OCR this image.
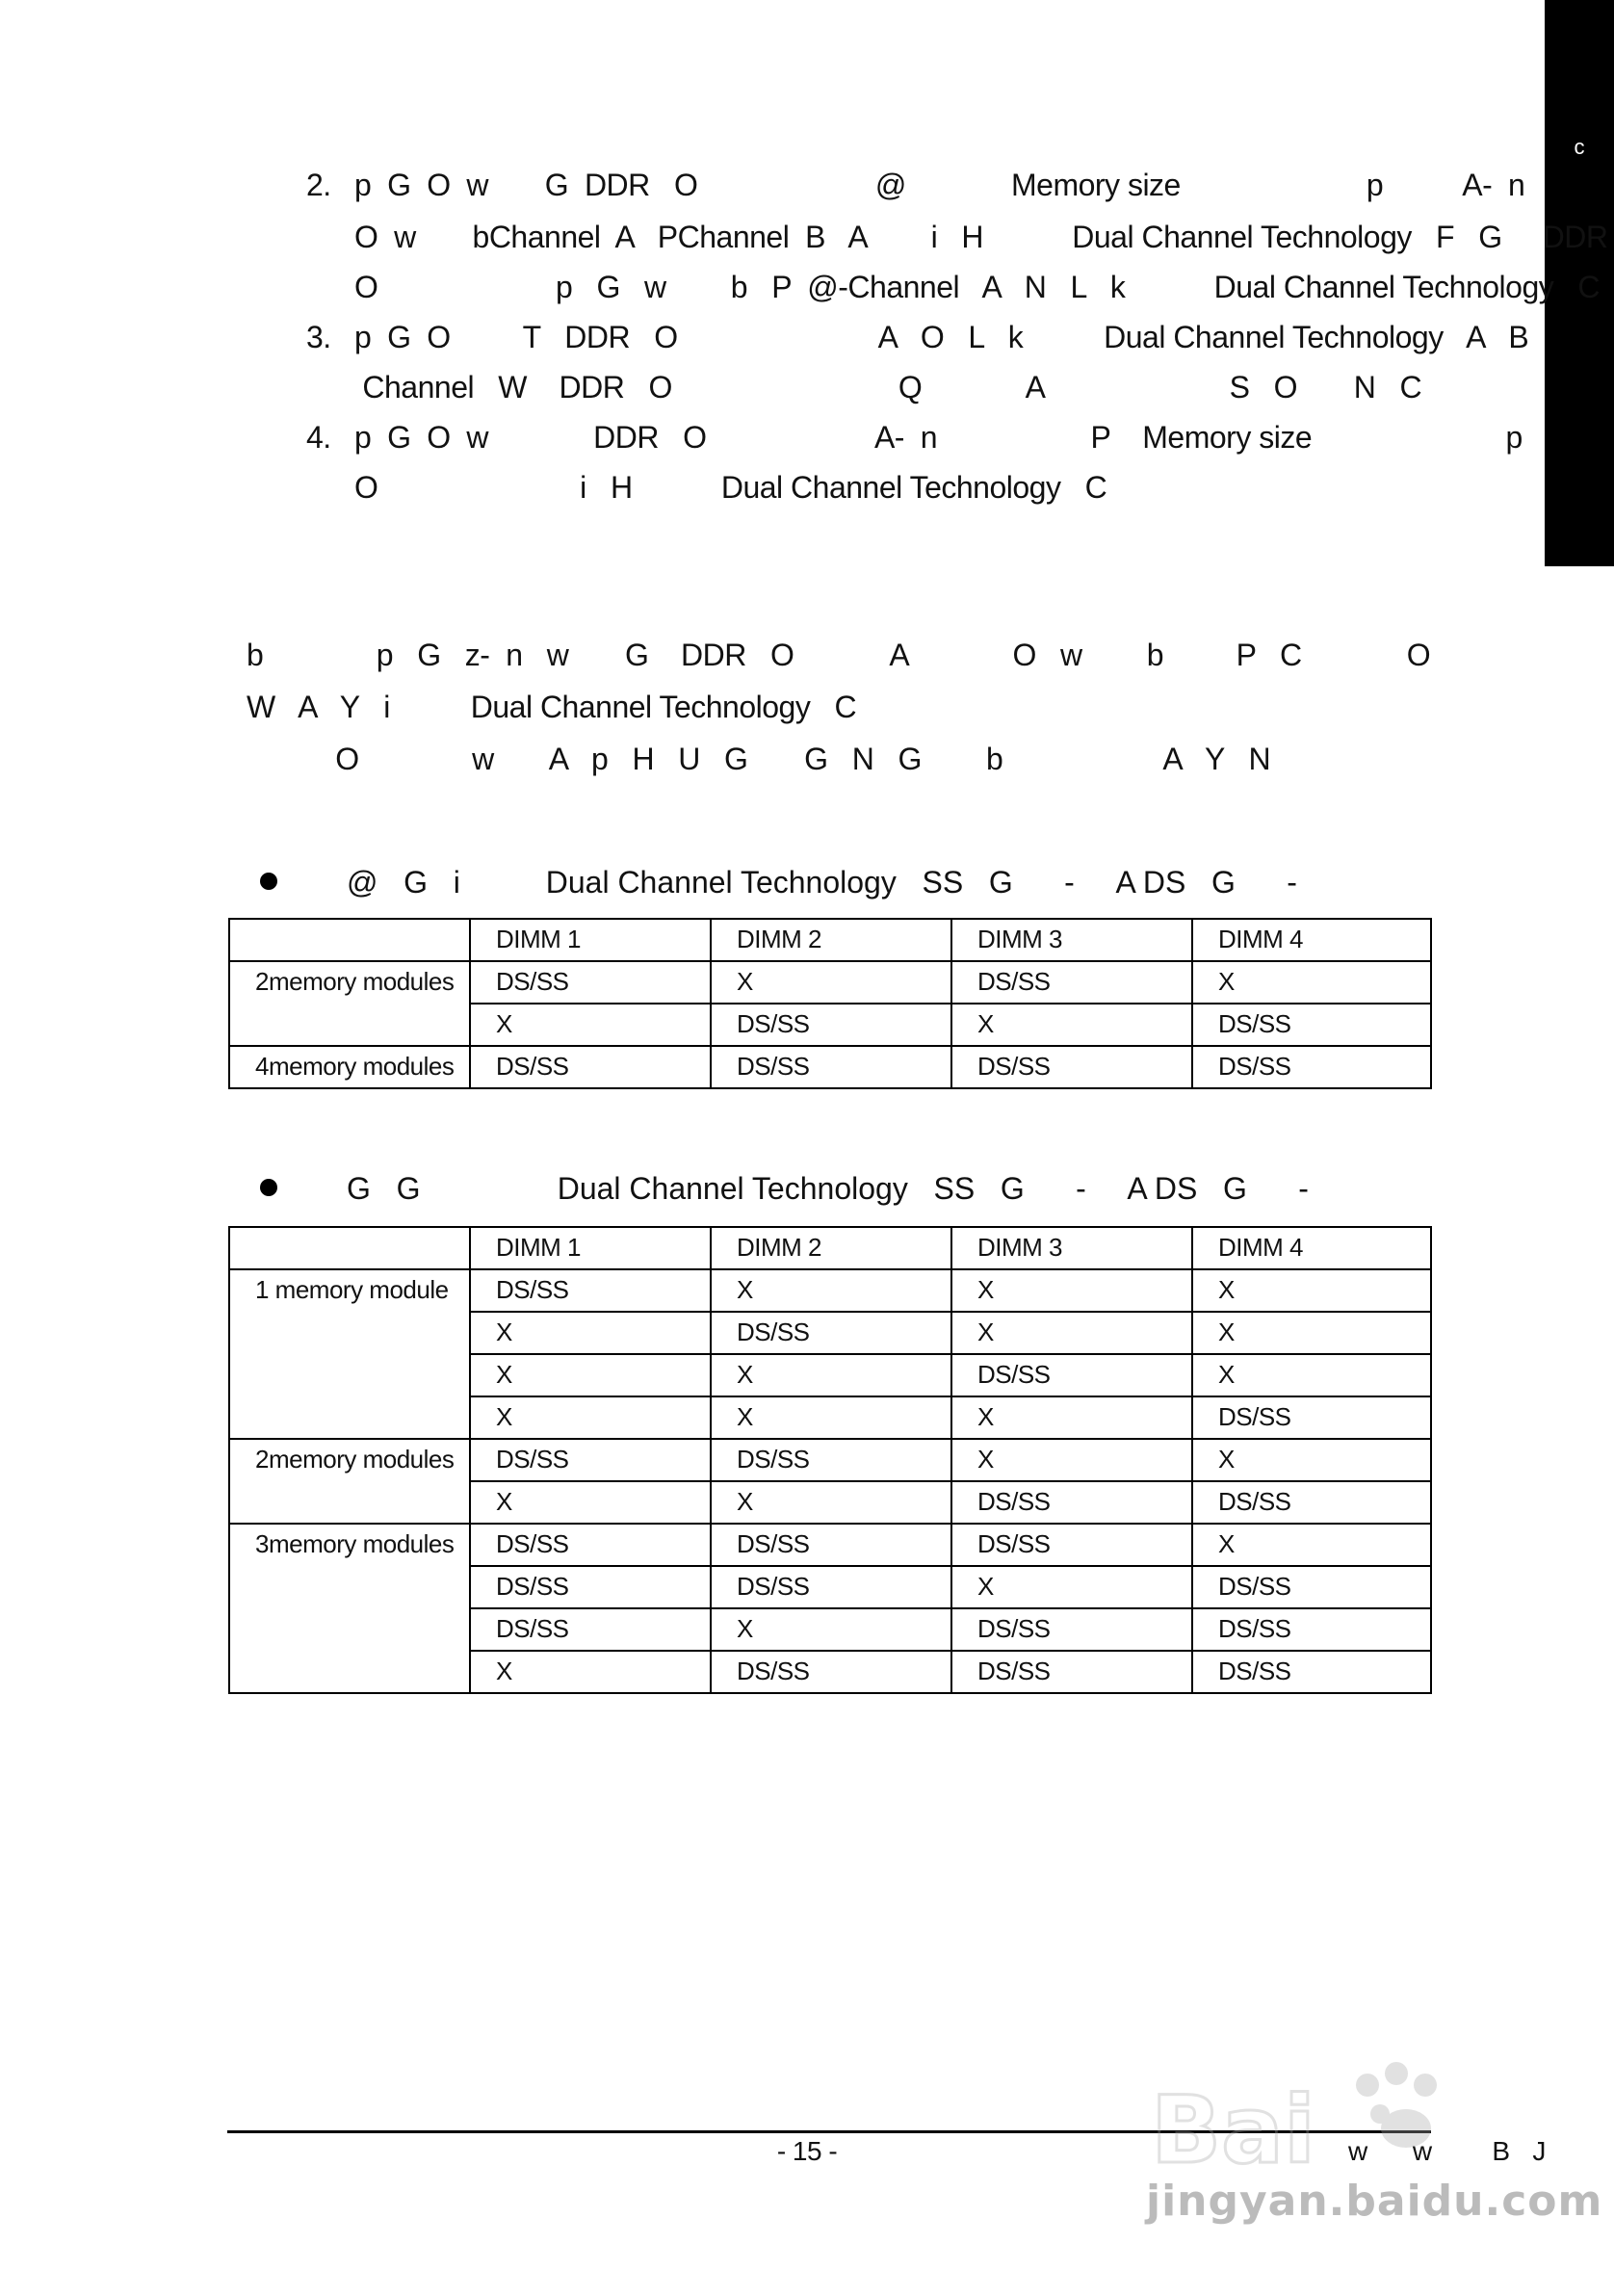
c
2. p  G  O  w       G  DDR   O                      @             Memory size                       p          A-  n
O  w       bChannel  A   PChannel  B   A        i   H           Dual Channel Technology   F   G     DDR
O                      p   G   w        b   P  @-Channel   A   N   L   k           Dual Channel Technology   C
3. p  G  O         T   DDR   O                         A   O   L   k          Dual Channel Technology   A   B
Channel   W    DDR   O                            Q             A                       S   O       N   C
4. p  G  O  w             DDR   O                     A-  n                   P    Memory size                        p
O                         i   H           Dual Channel Technology   C
b              p   G   z-  n   w       G    DDR   O            A             O   w        b         P   C             O
W   A   Y   i          Dual Channel Technology   C
O              w       A   p   H   U   G       G   N   G        b                    A   Y   N
@   G   i          Dual Channel Technology   SS   G      -     A DS   G      -
	DIMM 1	DIMM 2	DIMM 3	DIMM 4
2memory modules	DS/SS	X	DS/SS	X
	X	DS/SS	X	DS/SS
4memory modules	DS/SS	DS/SS	DS/SS	DS/SS
G   G                Dual Channel Technology   SS   G      -     A DS   G      -
	DIMM 1	DIMM 2	DIMM 3	DIMM 4
1 memory module	DS/SS	X	X	X
	X	DS/SS	X	X
	X	X	DS/SS	X
	X	X	X	DS/SS
2memory modules	DS/SS	DS/SS	X	X
	X	X	DS/SS	DS/SS
3memory modules	DS/SS	DS/SS	DS/SS	X
	DS/SS	DS/SS	X	DS/SS
	DS/SS	X	DS/SS	DS/SS
	X	DS/SS	DS/SS	DS/SS
- 15 -	w      w        B   J
Bai
jingyan.baidu.com
